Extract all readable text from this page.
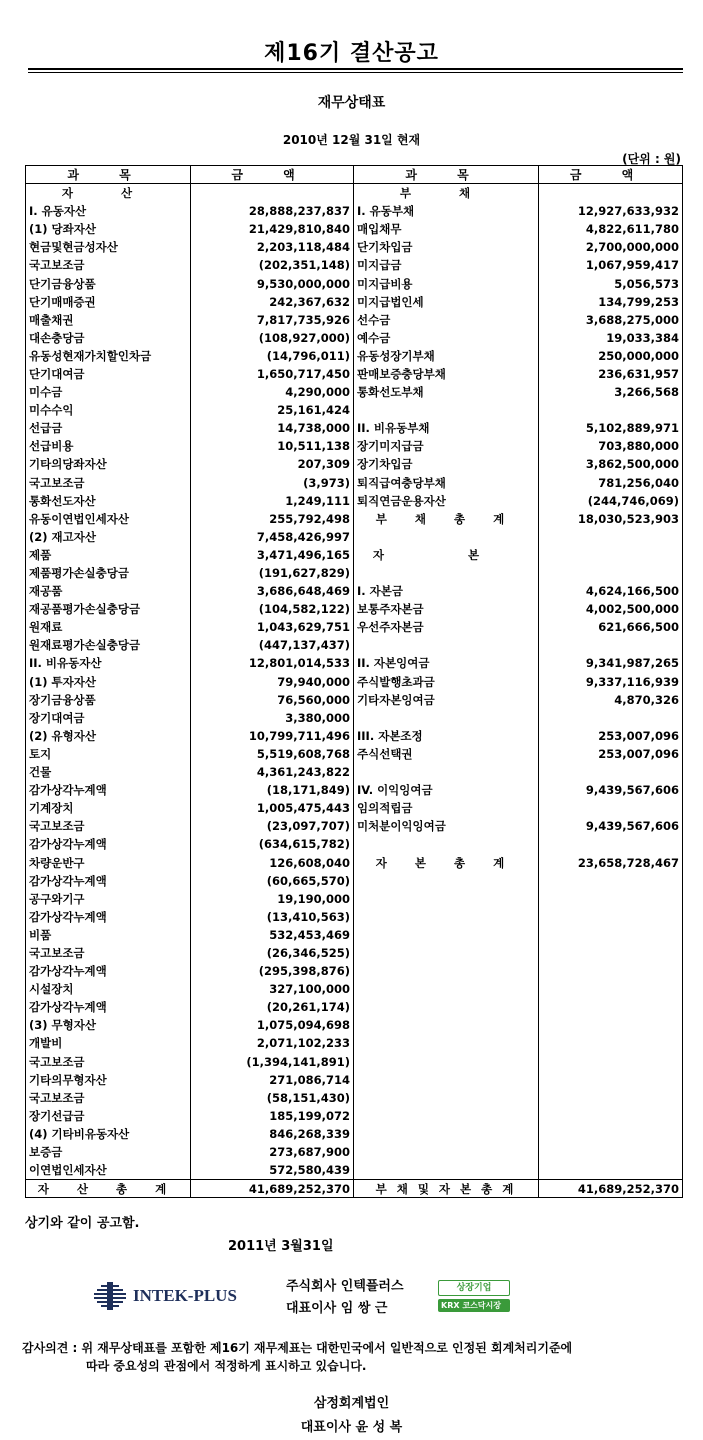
제16기 결산공고
재무상태표
2010년 12월 31일 현재
(단위 : 원)
과 목	금 액	과 목	금 액
자 산		부 채	
I. 유동자산	28,888,237,837	I. 유동부채	12,927,633,932
(1) 당좌자산	21,429,810,840	매입채무	4,822,611,780
현금및현금성자산	2,203,118,484	단기차입금	2,700,000,000
국고보조금	(202,351,148)	미지급금	1,067,959,417
단기금융상품	9,530,000,000	미지급비용	5,056,573
단기매매증권	242,367,632	미지급법인세	134,799,253
매출채권	7,817,735,926	선수금	3,688,275,000
대손충당금	(108,927,000)	예수금	19,033,384
유동성현재가치할인차금	(14,796,011)	유동성장기부채	250,000,000
단기대여금	1,650,717,450	판매보증충당부채	236,631,957
미수금	4,290,000	통화선도부채	3,266,568
미수수익	25,161,424		
선급금	14,738,000	II. 비유동부채	5,102,889,971
선급비용	10,511,138	장기미지급금	703,880,000
기타의당좌자산	207,309	장기차입금	3,862,500,000
국고보조금	(3,973)	퇴직급여충당부채	781,256,040
통화선도자산	1,249,111	퇴직연금운용자산	(244,746,069)
유동이연법인세자산	255,792,498	부 채 총 계	18,030,523,903
(2) 재고자산	7,458,426,997		
제품	3,471,496,165	자 본	
제품평가손실충당금	(191,627,829)		
재공품	3,686,648,469	I. 자본금	4,624,166,500
재공품평가손실충당금	(104,582,122)	보통주자본금	4,002,500,000
원재료	1,043,629,751	우선주자본금	621,666,500
원재료평가손실충당금	(447,137,437)		
II. 비유동자산	12,801,014,533	II. 자본잉여금	9,341,987,265
(1) 투자자산	79,940,000	주식발행초과금	9,337,116,939
장기금융상품	76,560,000	기타자본잉여금	4,870,326
장기대여금	3,380,000		
(2) 유형자산	10,799,711,496	III. 자본조정	253,007,096
토지	5,519,608,768	주식선택권	253,007,096
건물	4,361,243,822		
감가상각누계액	(18,171,849)	IV. 이익잉여금	9,439,567,606
기계장치	1,005,475,443	임의적립금	
국고보조금	(23,097,707)	미처분이익잉여금	9,439,567,606
감가상각누계액	(634,615,782)		
차량운반구	126,608,040	자 본 총 계	23,658,728,467
감가상각누계액	(60,665,570)		
공구와기구	19,190,000		
감가상각누계액	(13,410,563)		
비품	532,453,469		
국고보조금	(26,346,525)		
감가상각누계액	(295,398,876)		
시설장치	327,100,000		
감가상각누계액	(20,261,174)		
(3) 무형자산	1,075,094,698		
개발비	2,071,102,233		
국고보조금	(1,394,141,891)		
기타의무형자산	271,086,714		
국고보조금	(58,151,430)		
장기선급금	185,199,072		
(4) 기타비유동자산	846,268,339		
보증금	273,687,900		
이연법인세자산	572,580,439		
자 산 총 계	41,689,252,370	부 채 및 자 본 총 계	41,689,252,370
상기와 같이 공고함.
2011년 3월31일
INTEK-PLUS	주식회사 인텍플러스
대표이사 임 쌍 근
상장기업
KRX 코스닥시장
감사의견 : 위 재무상태표를 포함한 제16기 재무제표는 대한민국에서 일반적으로 인정된 회계처리기준에
따라 중요성의 관점에서 적정하게 표시하고 있습니다.
삼정회계법인
대표이사 윤 성 복
